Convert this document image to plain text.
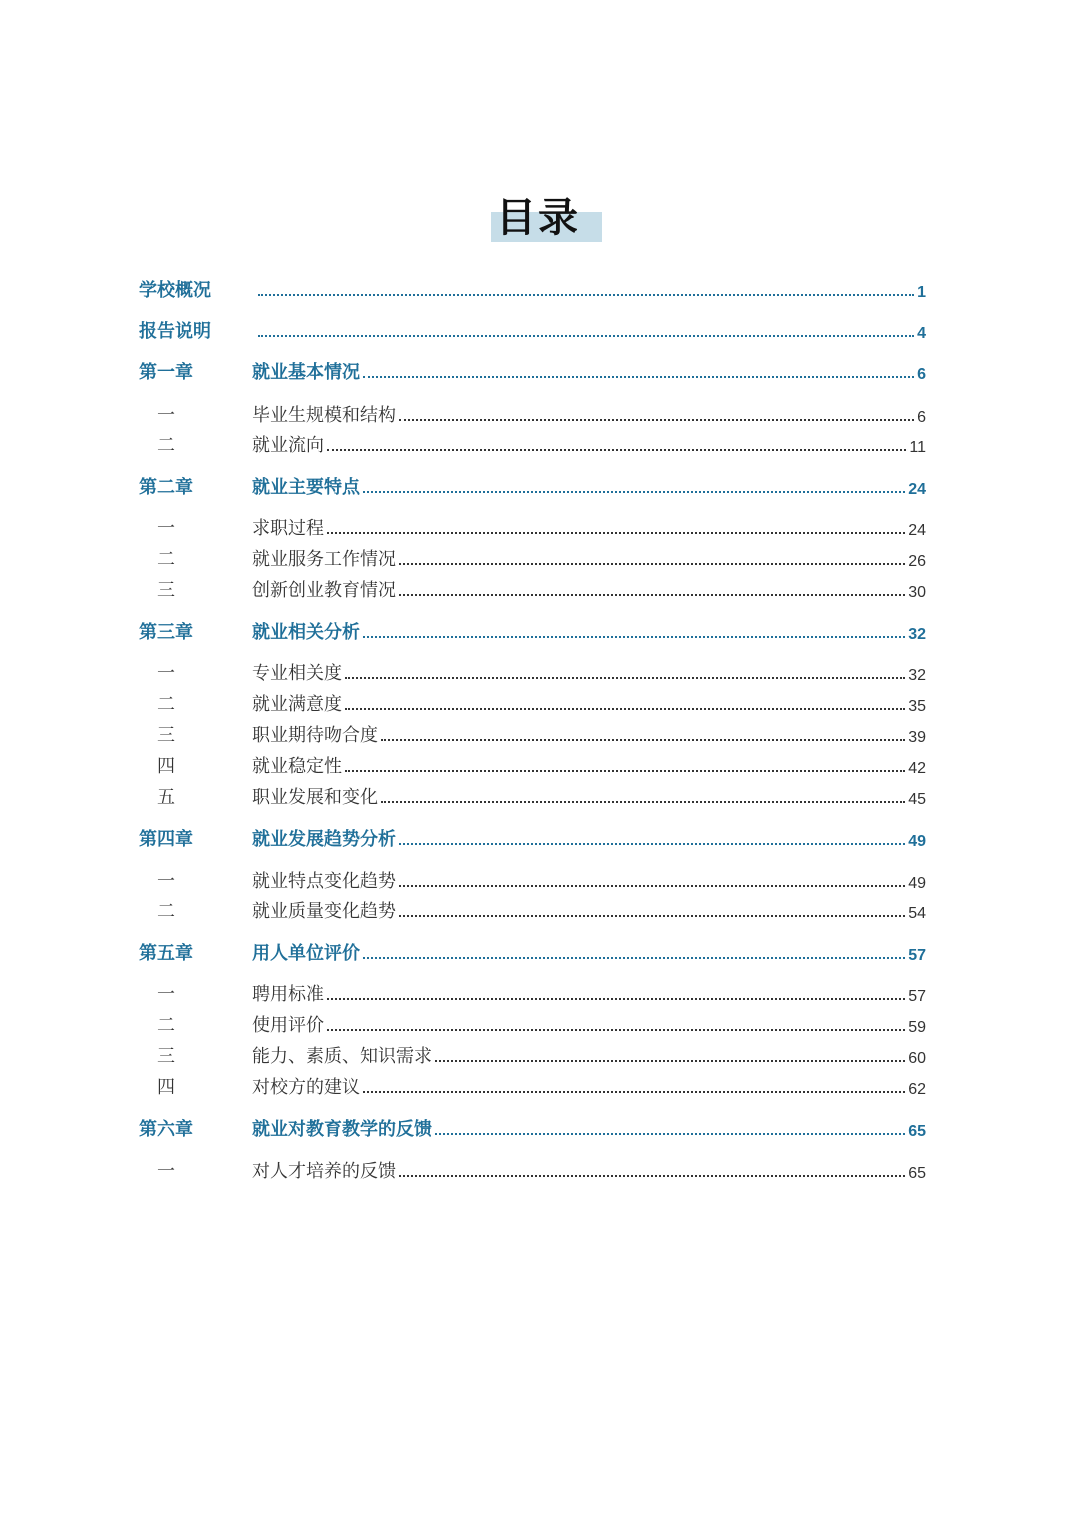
目录
学校概况	1
报告说明	4
第一章	就业基本情况	6
一	毕业生规模和结构	6
二	就业流向	11
第二章	就业主要特点	24
一	求职过程	24
二	就业服务工作情况	26
三	创新创业教育情况	30
第三章	就业相关分析	32
一	专业相关度	32
二	就业满意度	35
三	职业期待吻合度	39
四	就业稳定性	42
五	职业发展和变化	45
第四章	就业发展趋势分析	49
一	就业特点变化趋势	49
二	就业质量变化趋势	54
第五章	用人单位评价	57
一	聘用标准	57
二	使用评价	59
三	能力、素质、知识需求	60
四	对校方的建议	62
第六章	就业对教育教学的反馈	65
一	对人才培养的反馈	65
